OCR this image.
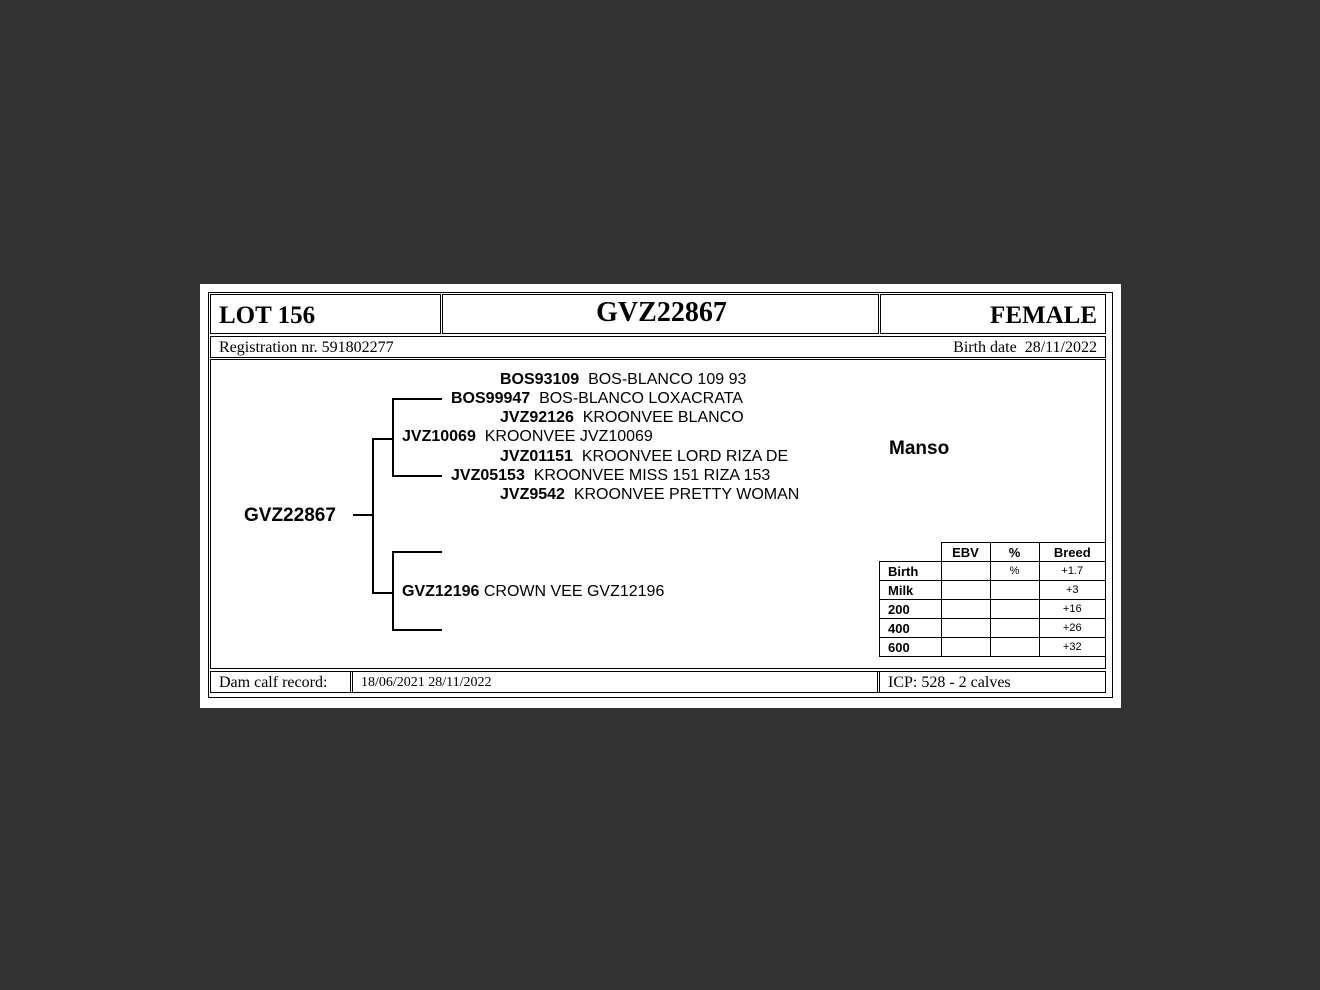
LOT 156	GVZ22867	FEMALE
Registration nr. 591802277	Birth date 28/11/2022
GVZ22867
JVZ10069 KROONVEE JVZ10069
BOS99947 BOS-BLANCO LOXACRATA
BOS93109 BOS-BLANCO 109 93
JVZ92126 KROONVEE BLANCO
JVZ05153 KROONVEE MISS 151 RIZA 153
JVZ01151 KROONVEE LORD RIZA DE
JVZ9542 KROONVEE PRETTY WOMAN
GVZ12196 CROWN VEE GVZ12196
Manso
	EBV	%	Breed
Birth		%	+1.7
Milk			+3
200			+16
400			+26
600			+32
Dam calf record: 18/06/2021 28/11/2022	ICP: 528 - 2 calves
